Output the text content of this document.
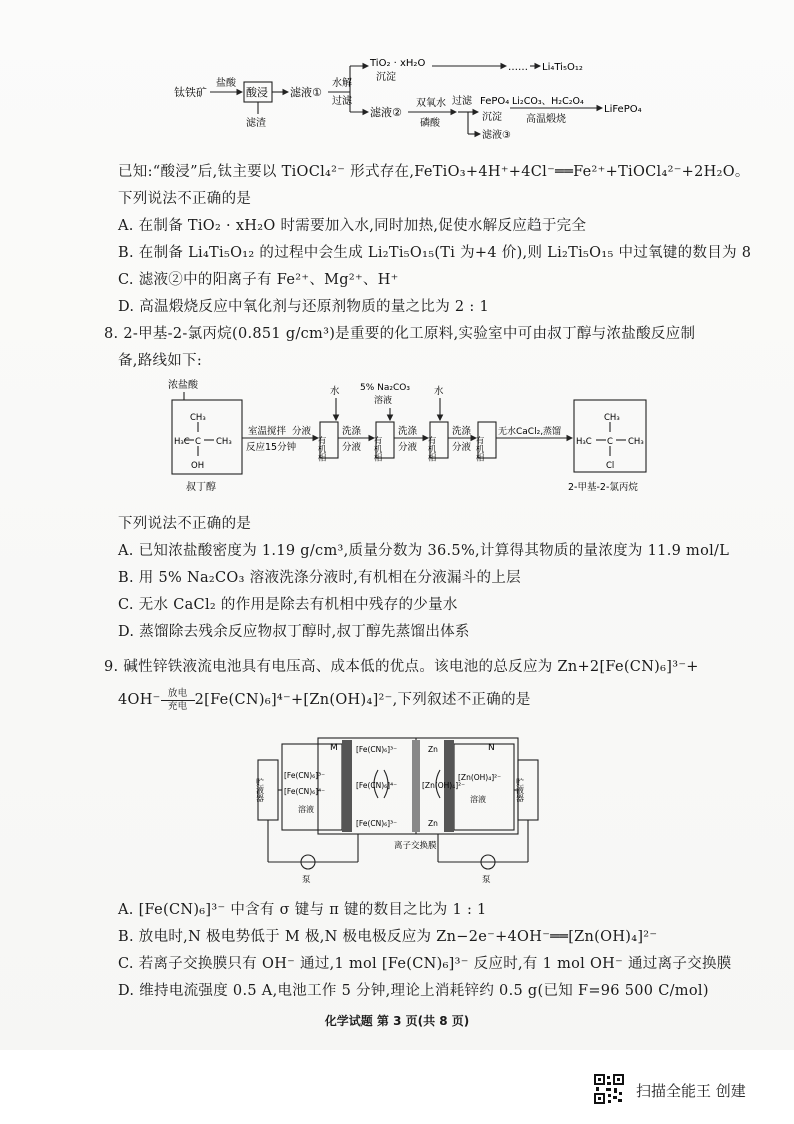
钛铁矿
盐酸
酸浸
滤渣
滤液①
水解
过滤
TiO₂ · xH₂O
沉淀
…… Li₄Ti₅O₁₂
滤液②
双氧水
磷酸
过滤 FePO₄
沉淀
Li₂CO₃、H₂C₂O₄
高温煅烧
LiFePO₄
滤液③
已知:“酸浸”后,钛主要以 TiOCl₄²⁻ 形式存在,FeTiO₃+4H⁺+4Cl⁻══Fe²⁺+TiOCl₄²⁻+2H₂O。
下列说法不正确的是
A. 在制备 TiO₂ · xH₂O 时需要加入水,同时加热,促使水解反应趋于完全
B. 在制备 Li₄Ti₅O₁₂ 的过程中会生成 Li₂Ti₅O₁₅(Ti 为+4 价),则 Li₂Ti₅O₁₅ 中过氧键的数目为 8
C. 滤液②中的阳离子有 Fe²⁺、Mg²⁺、H⁺
D. 高温煅烧反应中氧化剂与还原剂物质的量之比为 2 : 1
8. 2-甲基-2-氯丙烷(0.851 g/cm³)是重要的化工原料,实验室中可由叔丁醇与浓盐酸反应制
备,路线如下:
浓盐酸
CH₃
H₃C C CH₃
OH
叔丁醇
室温搅拌
反应15分钟
分液
水
有机相
洗涤
分液
5% Na₂CO₃
溶液
有机相
洗涤
分液
水
有机相
洗涤
分液 有机相
无水CaCl₂,蒸馏
CH₃
H₃C C CH₃
Cl
2-甲基-2-氯丙烷
下列说法不正确的是
A. 已知浓盐酸密度为 1.19 g/cm³,质量分数为 36.5%,计算得其物质的量浓度为 11.9 mol/L
B. 用 5% Na₂CO₃ 溶液洗涤分液时,有机相在分液漏斗的上层
C. 无水 CaCl₂ 的作用是除去有机相中残存的少量水
D. 蒸馏除去残余反应物叔丁醇时,叔丁醇先蒸馏出体系
9. 碱性锌铁液流电池具有电压高、成本低的优点。该电池的总反应为 Zn+2[Fe(CN)₆]³⁻+
4OH⁻ 放电
充电 2[Fe(CN)₆]⁴⁻+[Zn(OH)₄]²⁻,下列叙述不正确的是
M	N
贮液器
[Fe(CN)₆]³⁻
[Fe(CN)₆]⁴⁻
溶液
[Fe(CN)₆]³⁻
[Fe(CN)₆]⁴⁻
[Fe(CN)₆]³⁻
Zn
[Zn(OH)₄]²⁻
Zn
[Zn(OH)₄]²⁻
溶液	贮液器
离子交换膜
泵	泵
A. [Fe(CN)₆]³⁻ 中含有 σ 键与 π 键的数目之比为 1 : 1
B. 放电时,N 极电势低于 M 极,N 极电极反应为 Zn−2e⁻+4OH⁻══[Zn(OH)₄]²⁻
C. 若离子交换膜只有 OH⁻ 通过,1 mol [Fe(CN)₆]³⁻ 反应时,有 1 mol OH⁻ 通过离子交换膜
D. 维持电流强度 0.5 A,电池工作 5 分钟,理论上消耗锌约 0.5 g(已知 F=96 500 C/mol)
化学试题 第 3 页(共 8 页)
扫描全能王 创建
